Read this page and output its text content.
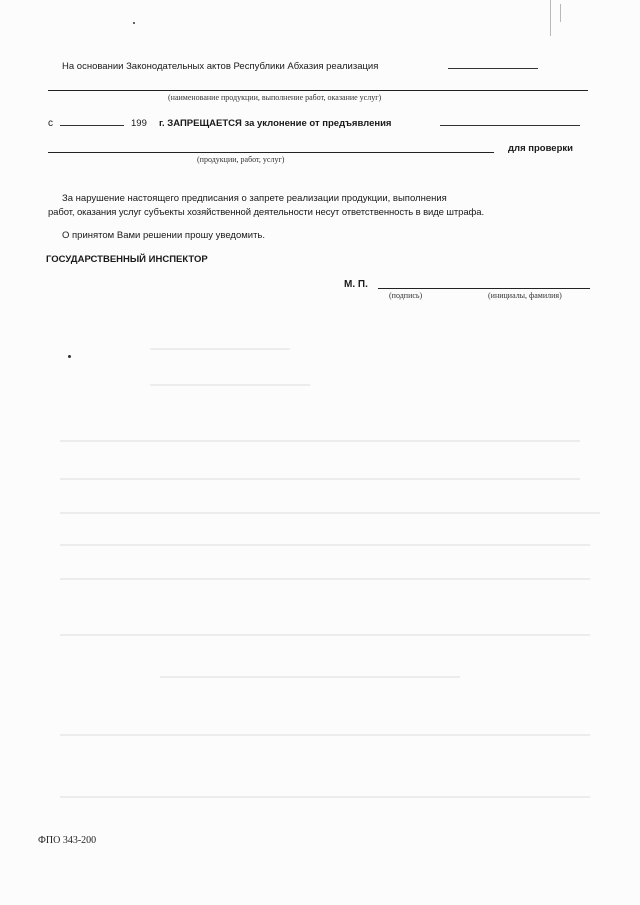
На основании Законодательных актов Республики Абхазия реализация
(наименование продукции, выполнение работ, оказание услуг)
с	199 г. ЗАПРЕЩАЕТСЯ за уклонение от предъявления
для проверки
(продукции, работ, услуг)
За нарушение настоящего предписания о запрете реализации продукции, выполнения
работ, оказания услуг субъекты хозяйственной деятельности несут ответственность в виде штрафа.
О принятом Вами решении прошу уведомить.
ГОСУДАРСТВЕННЫЙ ИНСПЕКТОР
М. П.
(подпись)	(инициалы, фамилия)
ФПО 343-200
